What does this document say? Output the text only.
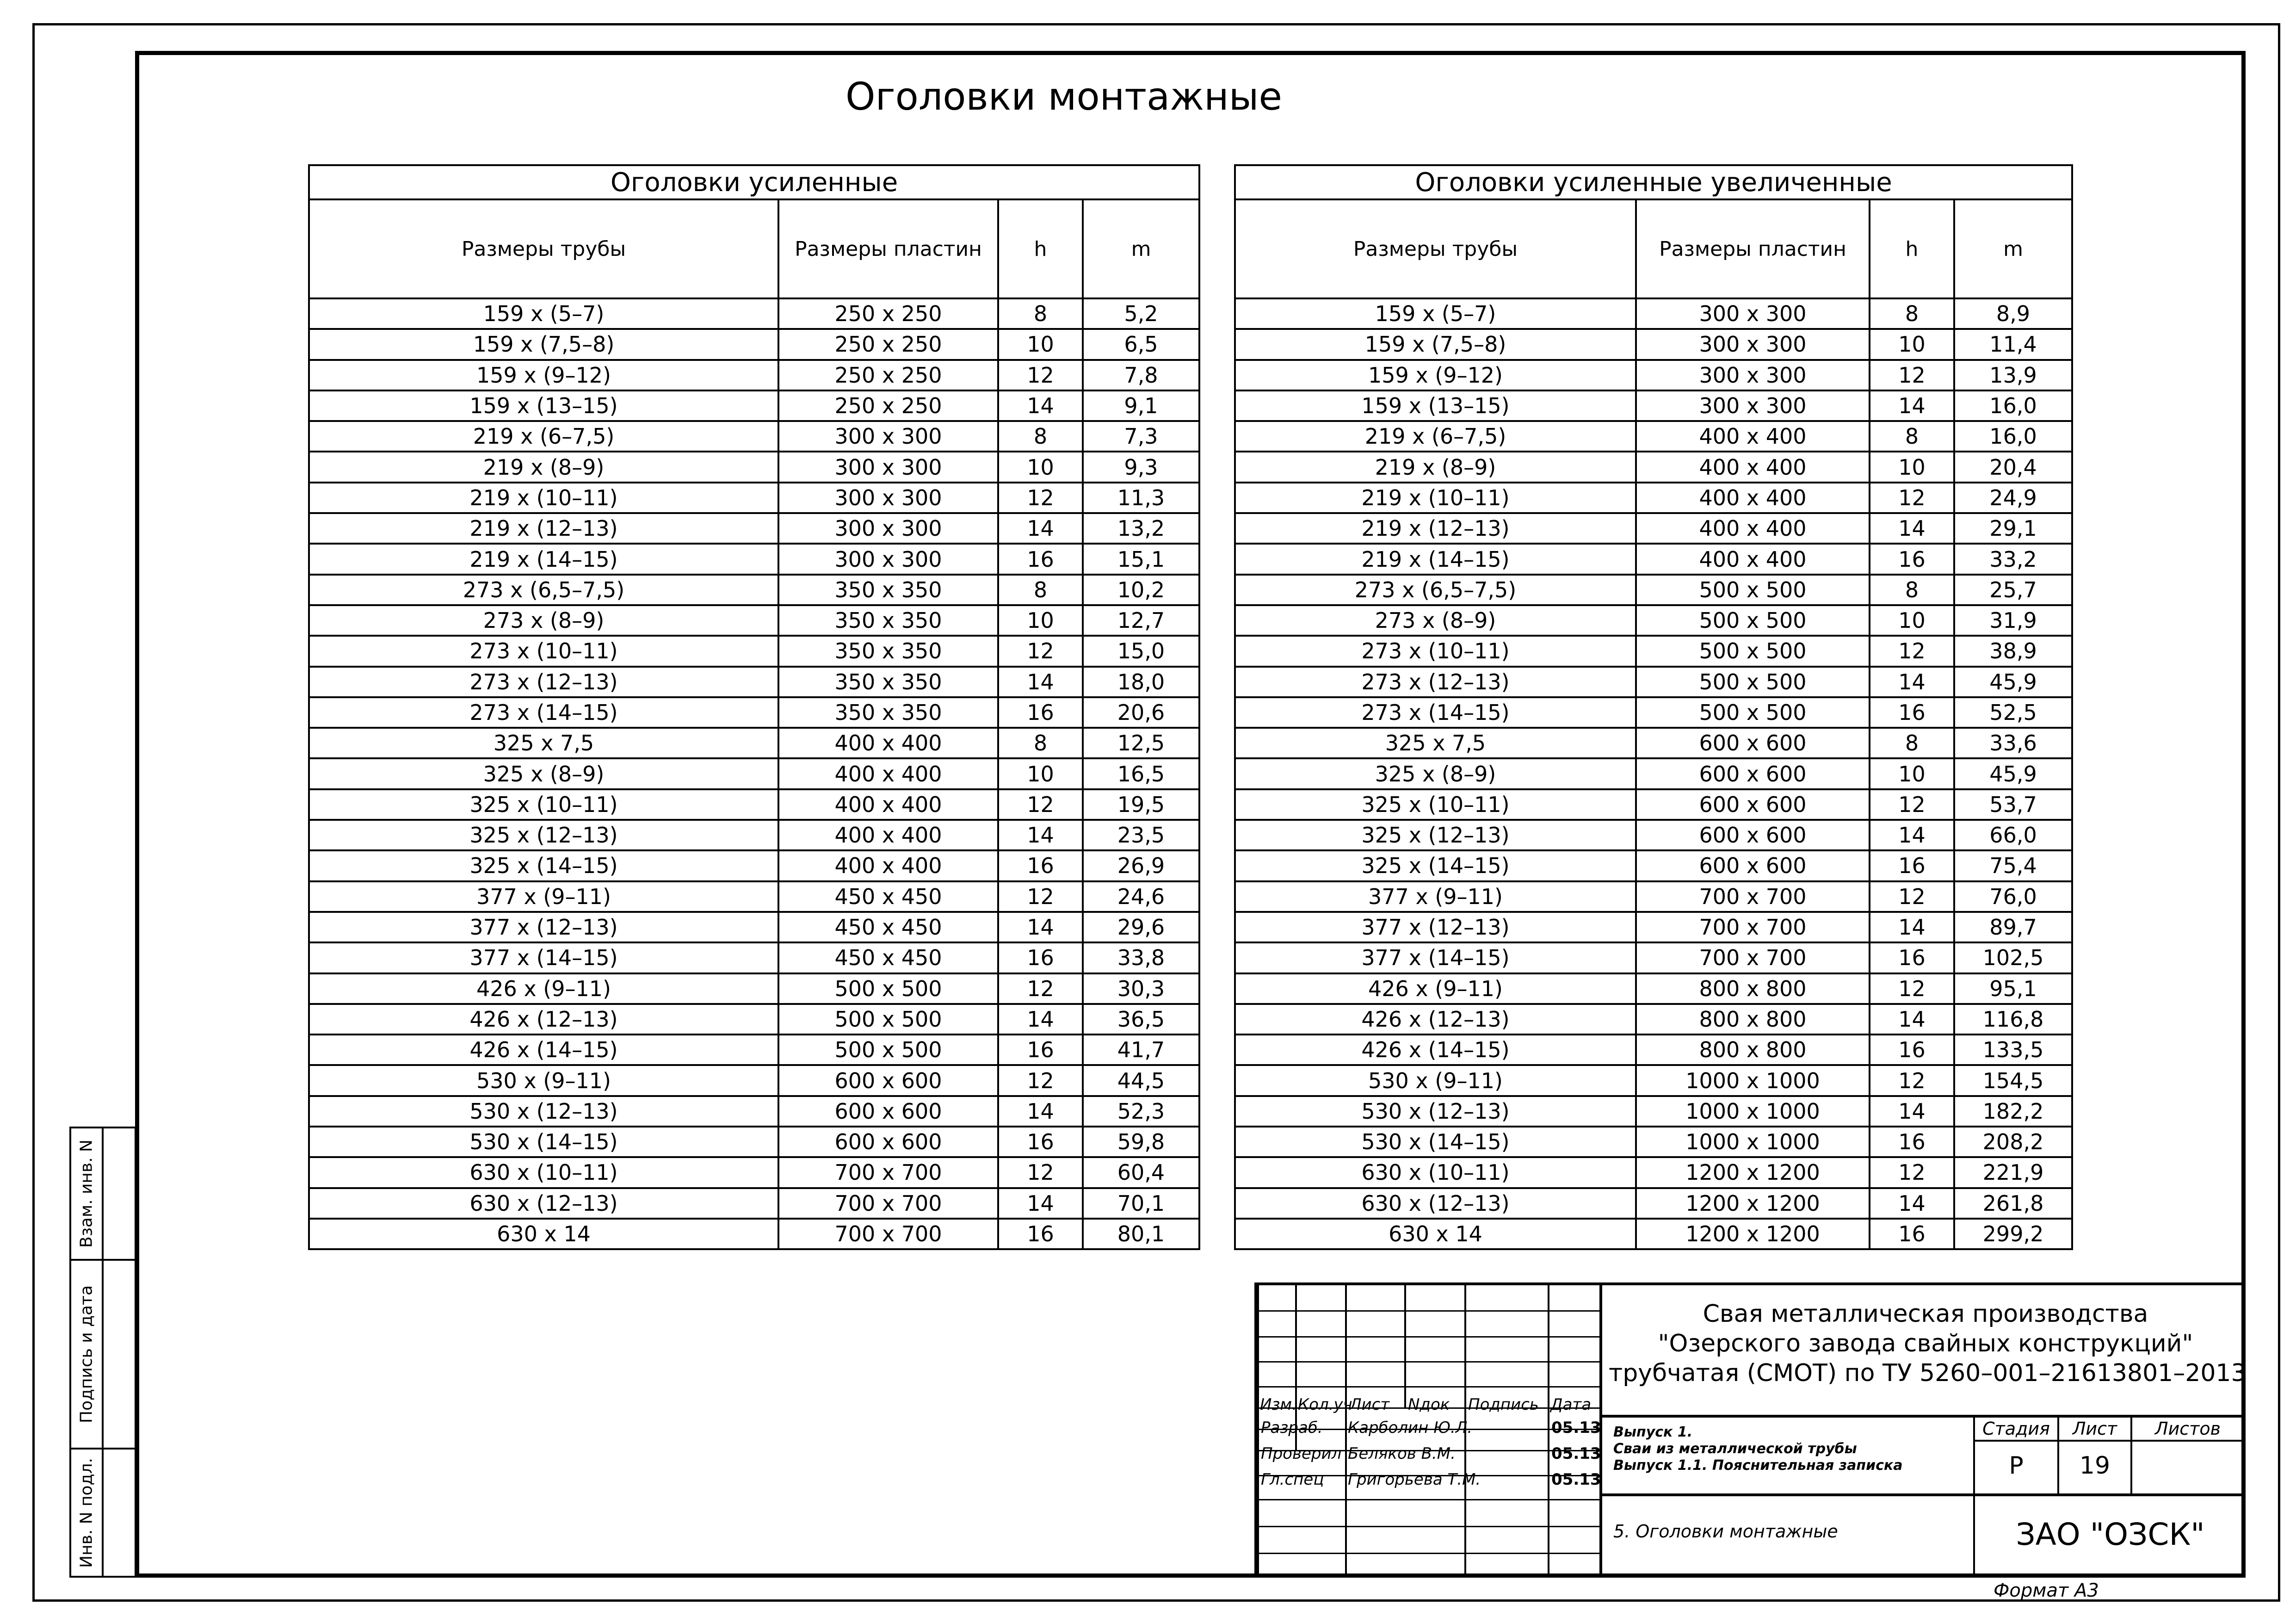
Оголовки монтажные
Оголовки усиленные			
Размеры трубы	Размеры пластин	h	m
159 x (5–7)	250 x 250	8	5,2
159 x (7,5–8)	250 x 250	10	6,5
159 x (9–12)	250 x 250	12	7,8
159 x (13–15)	250 x 250	14	9,1
219 x (6–7,5)	300 x 300	8	7,3
219 x (8–9)	300 x 300	10	9,3
219 x (10–11)	300 x 300	12	11,3
219 x (12–13)	300 x 300	14	13,2
219 x (14–15)	300 x 300	16	15,1
273 x (6,5–7,5)	350 x 350	8	10,2
273 x (8–9)	350 x 350	10	12,7
273 x (10–11)	350 x 350	12	15,0
273 x (12–13)	350 x 350	14	18,0
273 x (14–15)	350 x 350	16	20,6
325 x 7,5	400 x 400	8	12,5
325 x (8–9)	400 x 400	10	16,5
325 x (10–11)	400 x 400	12	19,5
325 x (12–13)	400 x 400	14	23,5
325 x (14–15)	400 x 400	16	26,9
377 x (9–11)	450 x 450	12	24,6
377 x (12–13)	450 x 450	14	29,6
377 x (14–15)	450 x 450	16	33,8
426 x (9–11)	500 x 500	12	30,3
426 x (12–13)	500 x 500	14	36,5
426 x (14–15)	500 x 500	16	41,7
530 x (9–11)	600 x 600	12	44,5
530 x (12–13)	600 x 600	14	52,3
530 x (14–15)	600 x 600	16	59,8
630 x (10–11)	700 x 700	12	60,4
630 x (12–13)	700 x 700	14	70,1
630 x 14	700 x 700	16	80,1
Оголовки усиленные увеличенные			
Размеры трубы	Размеры пластин	h	m
159 x (5–7)	300 x 300	8	8,9
159 x (7,5–8)	300 x 300	10	11,4
159 x (9–12)	300 x 300	12	13,9
159 x (13–15)	300 x 300	14	16,0
219 x (6–7,5)	400 x 400	8	16,0
219 x (8–9)	400 x 400	10	20,4
219 x (10–11)	400 x 400	12	24,9
219 x (12–13)	400 x 400	14	29,1
219 x (14–15)	400 x 400	16	33,2
273 x (6,5–7,5)	500 x 500	8	25,7
273 x (8–9)	500 x 500	10	31,9
273 x (10–11)	500 x 500	12	38,9
273 x (12–13)	500 x 500	14	45,9
273 x (14–15)	500 x 500	16	52,5
325 x 7,5	600 x 600	8	33,6
325 x (8–9)	600 x 600	10	45,9
325 x (10–11)	600 x 600	12	53,7
325 x (12–13)	600 x 600	14	66,0
325 x (14–15)	600 x 600	16	75,4
377 x (9–11)	700 x 700	12	76,0
377 x (12–13)	700 x 700	14	89,7
377 x (14–15)	700 x 700	16	102,5
426 x (9–11)	800 x 800	12	95,1
426 x (12–13)	800 x 800	14	116,8
426 x (14–15)	800 x 800	16	133,5
530 x (9–11)	1000 x 1000	12	154,5
530 x (12–13)	1000 x 1000	14	182,2
530 x (14–15)	1000 x 1000	16	208,2
630 x (10–11)	1200 x 1200	12	221,9
630 x (12–13)	1200 x 1200	14	261,8
630 x 14	1200 x 1200	16	299,2
Взам. инв. N
Подпись и дата
Инв. N подл.
Свая металлическая производства
"Озерского завода свайных конструкций"
трубчатая (СМОТ) по ТУ 5260–001–21613801–2013
Изм. Кол.уч
Лист Nдок Подпись Дата
Разраб. Карболин Ю.Л.	05.13
Проверил Беляков В.М.	05.13
Гл.спец Григорьева Т.М.	05.13
Выпуск 1.
Сваи из металлической трубы
Выпуск 1.1. Пояснительная записка
Стадия	Лист	Листов
Р	19
5. Оголовки монтажные	ЗАО "ОЗСК"
Формат А3
